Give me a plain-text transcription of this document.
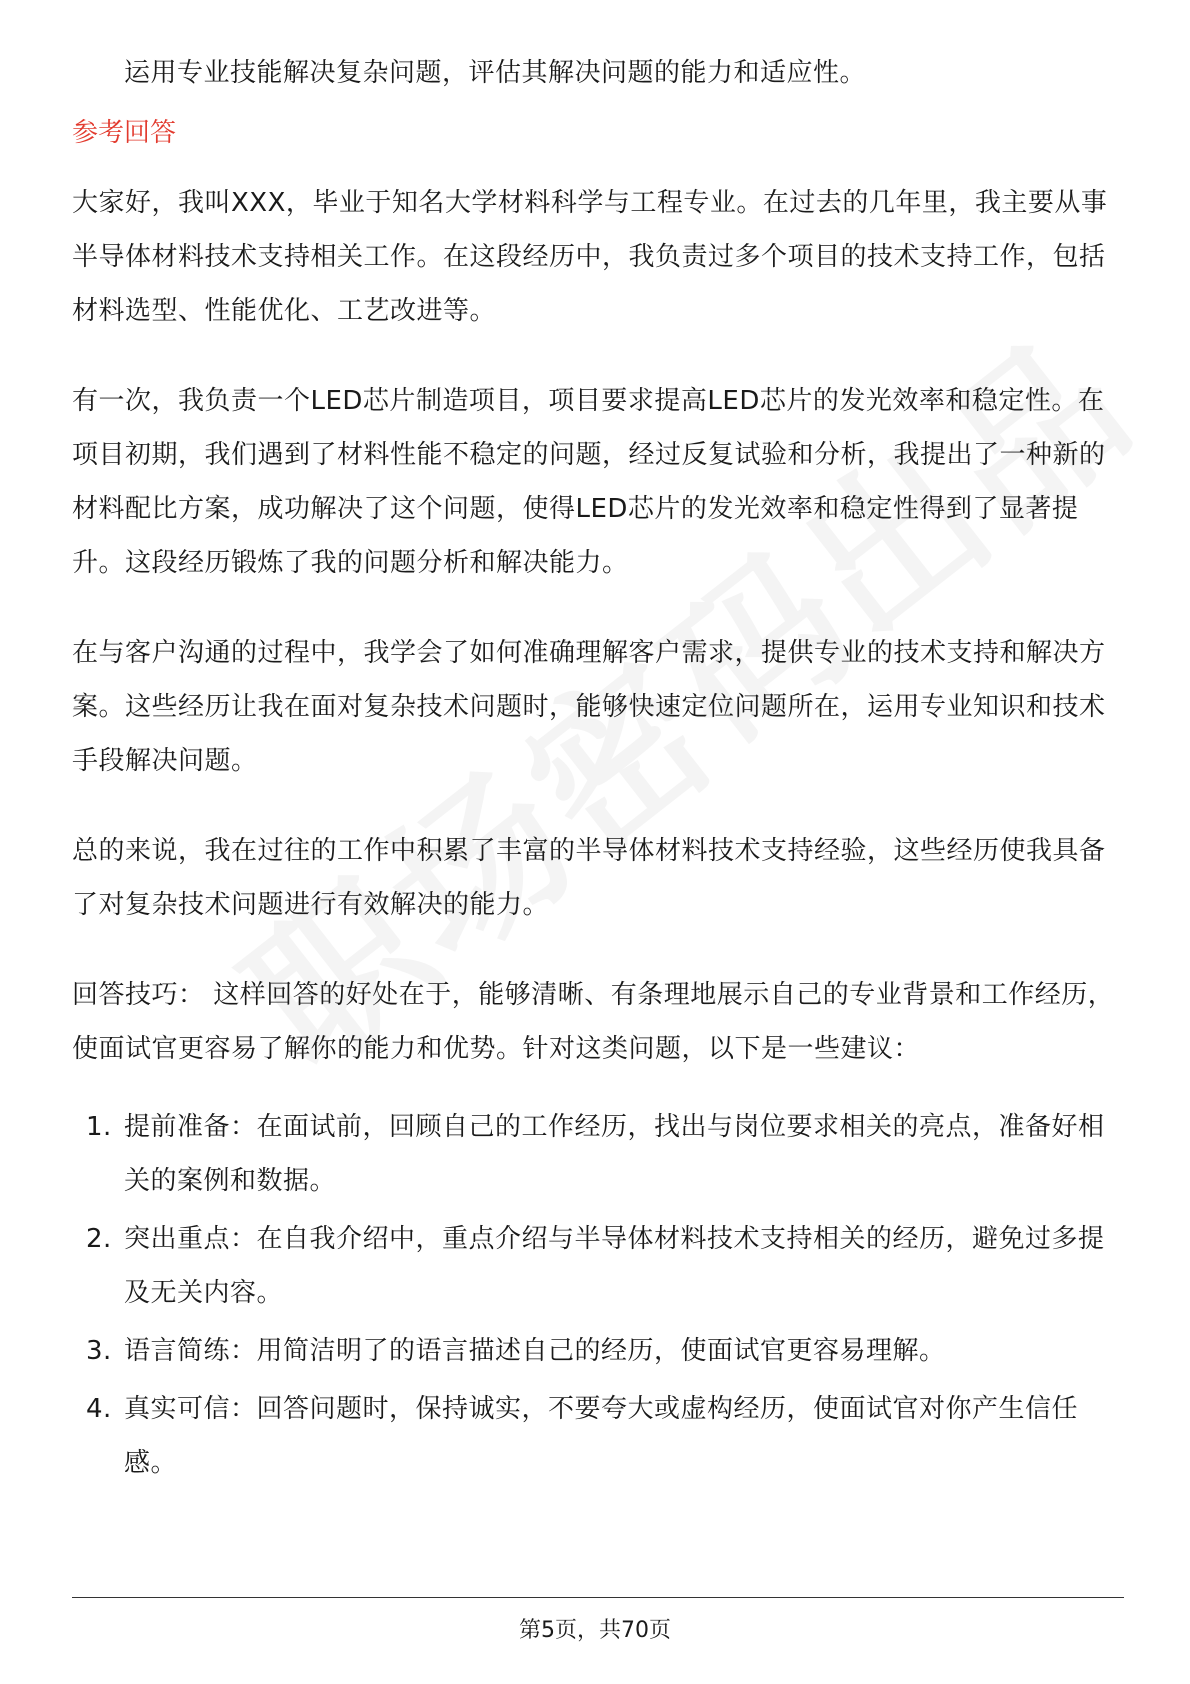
运用专业技能解决复杂问题，评估其解决问题的能力和适应性。

参考回答

大家好，我叫XXX，毕业于知名大学材料科学与工程专业。在过去的几年里，我主要从事半导体材料技术支持相关工作。在这段经历中，我负责过多个项目的技术支持工作，包括材料选型、性能优化、工艺改进等。

有一次，我负责一个LED芯片制造项目，项目要求提高LED芯片的发光效率和稳定性。在项目初期，我们遇到了材料性能不稳定的问题，经过反复试验和分析，我提出了一种新的材料配比方案，成功解决了这个问题，使得LED芯片的发光效率和稳定性得到了显著提升。这段经历锻炼了我的问题分析和解决能力。

在与客户沟通的过程中，我学会了如何准确理解客户需求，提供专业的技术支持和解决方案。这些经历让我在面对复杂技术问题时，能够快速定位问题所在，运用专业知识和技术手段解决问题。

总的来说，我在过往的工作中积累了丰富的半导体材料技术支持经验，这些经历使我具备了对复杂技术问题进行有效解决的能力。

回答技巧： 这样回答的好处在于，能够清晰、有条理地展示自己的专业背景和工作经历，使面试官更容易了解你的能力和优势。针对这类问题，以下是一些建议：

1. 提前准备：在面试前，回顾自己的工作经历，找出与岗位要求相关的亮点，准备好相关的案例和数据。
2. 突出重点：在自我介绍中，重点介绍与半导体材料技术支持相关的经历，避免过多提及无关内容。
3. 语言简练：用简洁明了的语言描述自己的经历，使面试官更容易理解。
4. 真实可信：回答问题时，保持诚实，不要夸大或虚构经历，使面试官对你产生信任感。
第5页，共70页
